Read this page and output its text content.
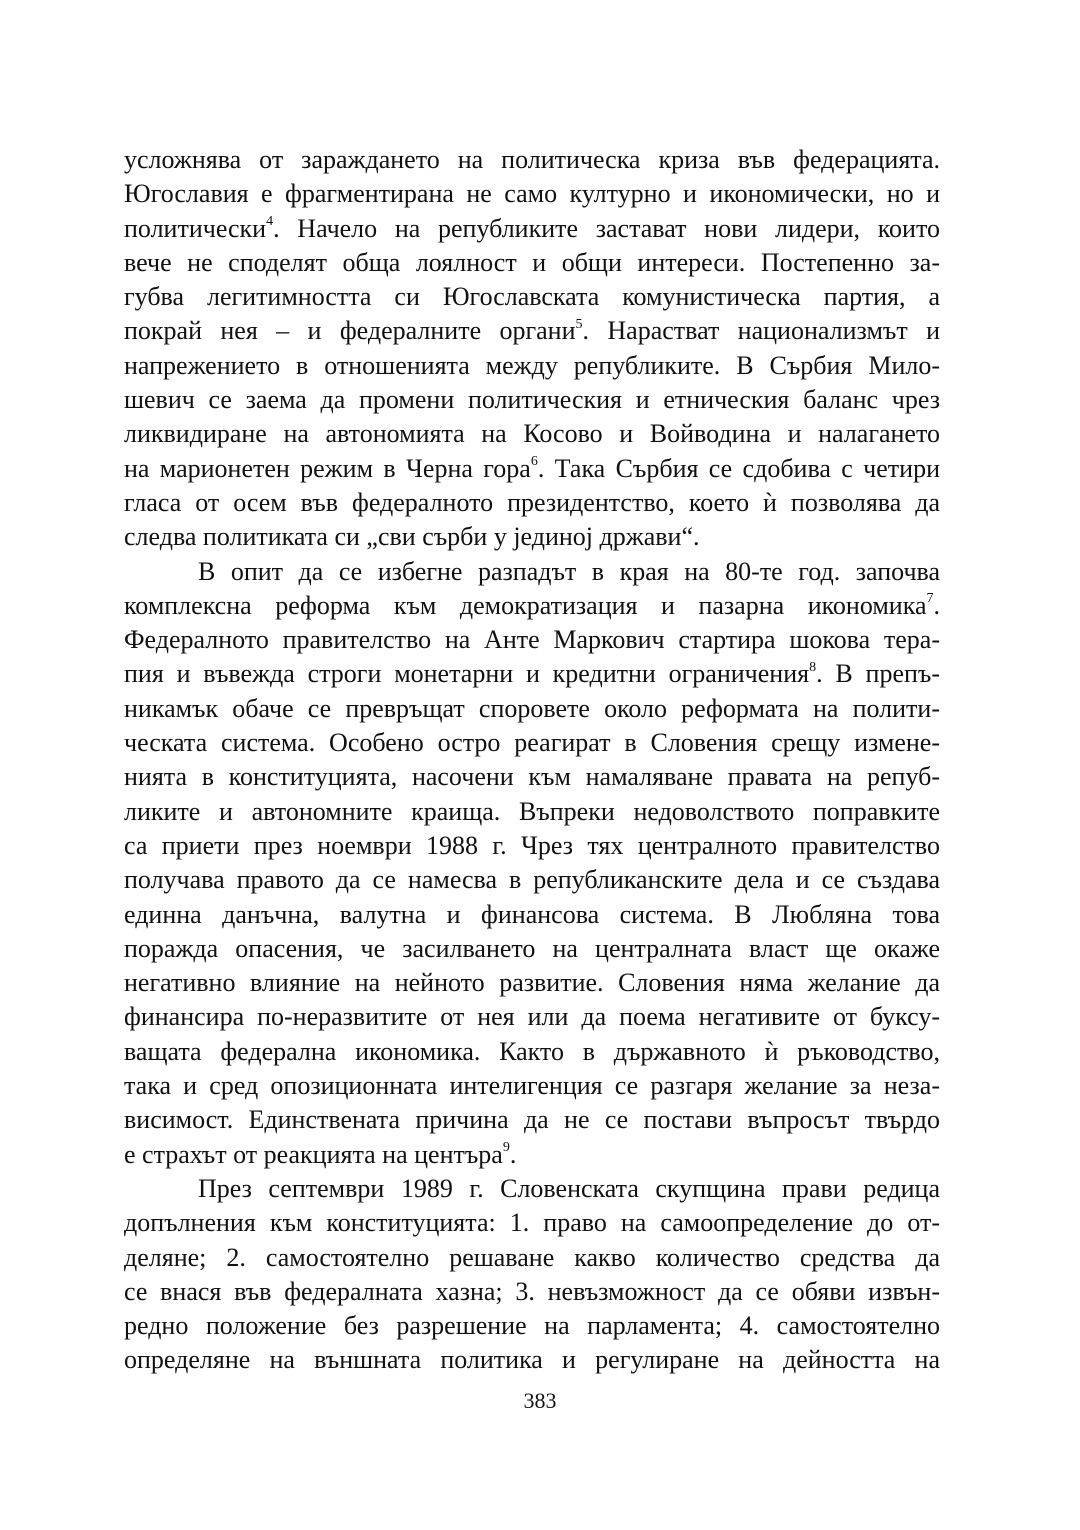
усложнява от зараждането на политическа криза във федерацията.
Югославия е фрагментирана не само културно и икономически, но и
политически$^4$. Начело на републиките застават нови лидери, които
вече не споделят обща лоялност и общи интереси. Постепенно за-
губва легитимността си Югославската комунистическа партия, а
покрай нея – и федералните органи$^5$. Нарастват национализмът и
напрежението в отношенията между републиките. В Сърбия Мило-
шевич се заема да промени политическия и етническия баланс чрез
ликвидиране на автономията на Косово и Войводина и налагането
на марионетен режим в Черна гора$^6$. Така Сърбия се сдобива с четири
гласа от осем във федералното президентство, което ѝ позволява да
следва политиката си „сви сърби у jединоj држави“.
В опит да се избегне разпадът в края на 80-те год. започва
комплексна реформа към демократизация и пазарна икономика$^7$.
Федералното правителство на Анте Маркович стартира шокова тера-
пия и въвежда строги монетарни и кредитни ограничения$^8$. В препъ-
никамък обаче се превръщат споровете около реформата на полити-
ческата система. Особено остро реагират в Словения срещу измене-
нията в конституцията, насочени към намаляване правата на репуб-
ликите и автономните краища. Въпреки недоволството поправките
са приети през ноември 1988 г. Чрез тях централното правителство
получава правото да се намесва в републиканските дела и се създава
единна данъчна, валутна и финансова система. В Любляна това
поражда опасения, че засилването на централната власт ще окаже
негативно влияние на нейното развитие. Словения няма желание да
финансира по-неразвитите от нея или да поема негативите от буксу-
ващата федерална икономика. Както в държавното ѝ ръководство,
така и сред опозиционната интелигенция се разгаря желание за неза-
висимост. Единствената причина да не се постави въпросът твърдо
е страхът от реакцията на центъра$^9$.
През септември 1989 г. Словенската скупщина прави редица
допълнения към конституцията: 1. право на самоопределение до от-
деляне; 2. самостоятелно решаване какво количество средства да
се внася във федералната хазна; 3. невъзможност да се обяви извън-
редно положение без разрешение на парламента; 4. самостоятелно
определяне на външната политика и регулиране на дейността на
383
